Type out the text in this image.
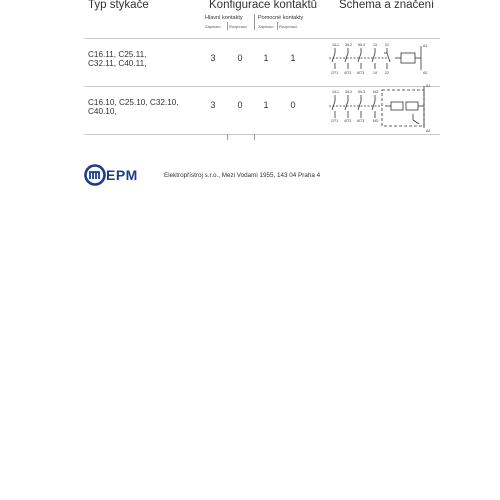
Typ stykače	Konfigurace kontaktů Schema a značení
Hlavní kontakty	Pomocné kontakty
Zapínací Rozpínací	Zapínací Rozpínací
C16.11, C25.11,
C32.11, C40.11,
3	0	1	1
1/L1 3/L2 5/L3 13 21	A1
2/T1 4/T2 6/T3 14 22	A2
C16.10, C25.10, C32.10,
C40.10,
3	0	1	0
1/L1 3/L2 5/L3 NO
A1
2/T1 4/T2 6/T3 NO
A2
EPM	Elektropřístroj s.r.o., Mezi Vodami 1955, 143 04 Praha 4
